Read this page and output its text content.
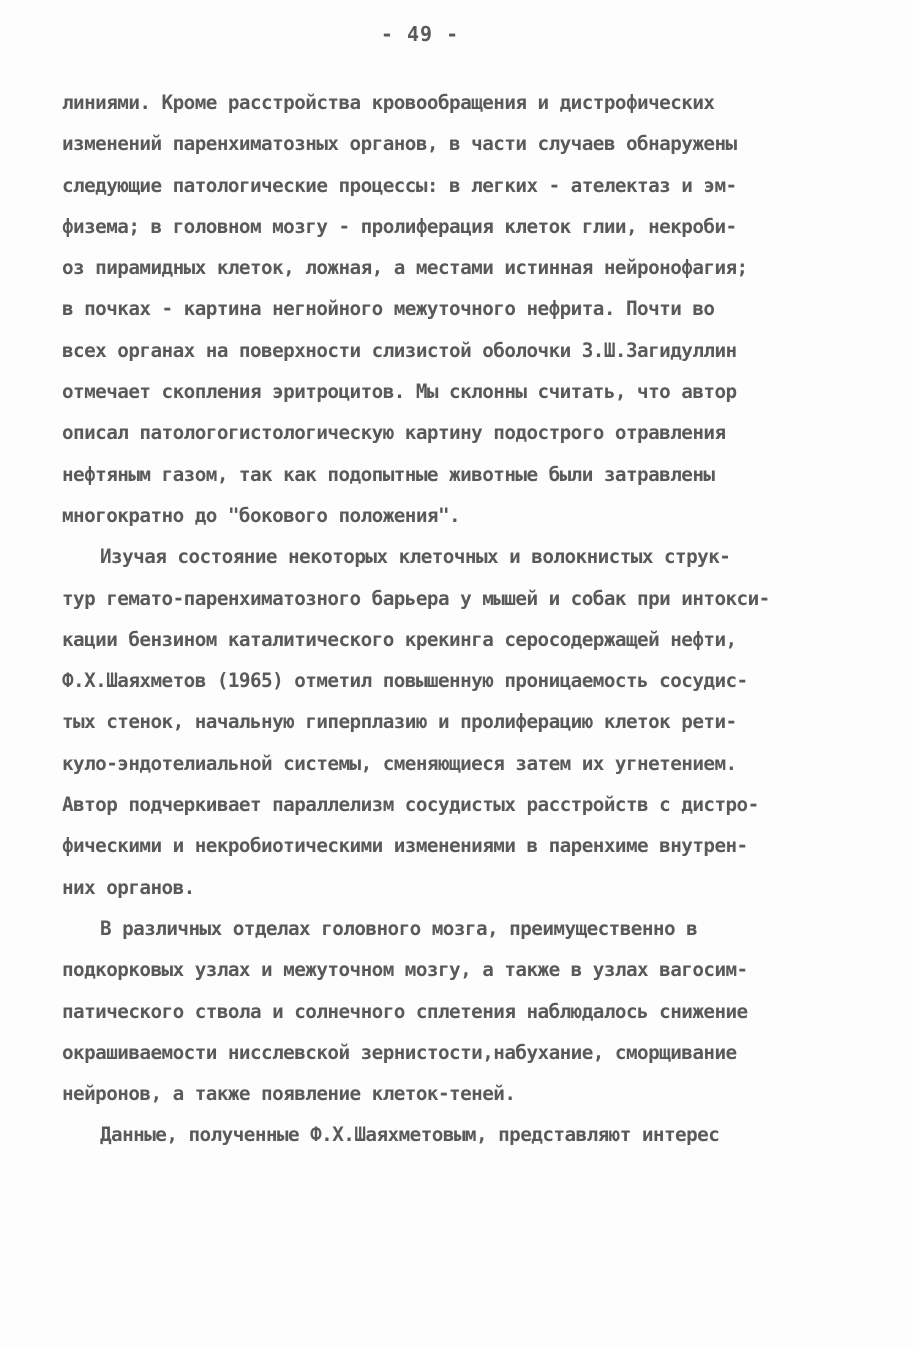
- 49 -
линиями. Кроме расстройства кровообращения и дистрофических
изменений паренхиматозных органов, в части случаев обнаружены
следующие патологические процессы: в легких - ателектаз и эм-
физема; в головном мозгу - пролиферация клеток глии, некроби-
оз пирамидных клеток, ложная, а местами истинная нейронофагия;
в почках - картина негнойного межуточного нефрита. Почти во
всех органах на поверхности слизистой оболочки З.Ш.Загидуллин
отмечает скопления эритроцитов. Мы склонны считать, что автор
описал патологогистологическую картину подострого отравления
нефтяным газом, так как подопытные животные были затравлены
многократно до "бокового положения".
Изучая состояние некоторых клеточных и волокнистых струк-
тур гемато-паренхиматозного барьера у мышей и собак при интокси-
кации бензином каталитического крекинга сероcодержащей нефти,
Ф.Х.Шаяхметов (1965) отметил повышенную проницаемость сосудис-
тых стенок, начальную гиперплазию и пролиферацию клеток рети-
куло-эндотелиальной системы, сменяющиеся затем их угнетением.
Автор подчеркивает параллелизм сосудистых расстройств с дистро-
фическими и некробиотическими изменениями в паренхиме внутрен-
них органов.
В различных отделах головного мозга, преимущественно в
подкорковых узлах и межуточном мозгу, а также в узлах вагосим-
патического ствола и солнечного сплетения наблюдалось снижение
окрашиваемости нисслевской зернистости,набухание, сморщивание
нейронов, а также появление клеток-теней.
Данные, полученные Ф.Х.Шаяхметовым, представляют интерес
